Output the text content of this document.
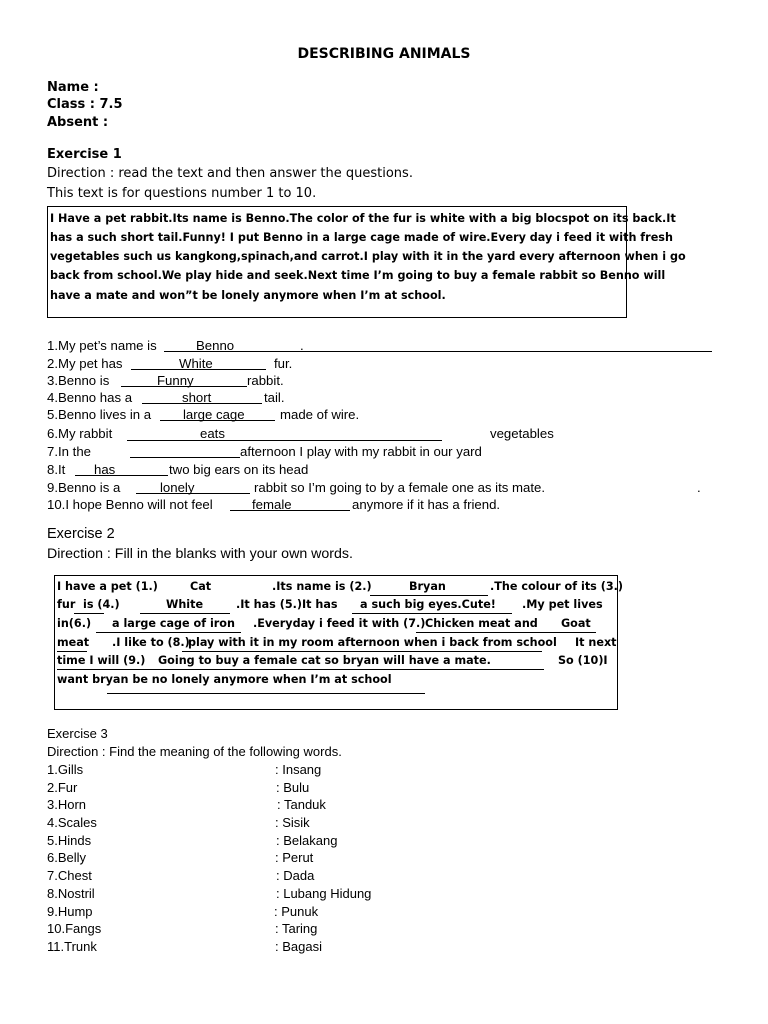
DESCRIBING ANIMALS
Name :
Class : 7.5
Absent :
Exercise 1
Direction : read the text and then answer the questions.
This text is for questions number 1 to 10.
I Have a pet rabbit.Its name is Benno.The color of the fur is white with a big blocspot on its back.It
has a such short tail.Funny! I put Benno in a large cage made of wire.Every day i feed it with fresh
vegetables such us kangkong,spinach,and carrot.I play with it in the yard every afternoon when i go
back from school.We play hide and seek.Next time I’m going to buy a female rabbit so Benno will
have a mate and won”t be lonely anymore when I’m at school.
1.My pet’s name is	Benno	.
2.My pet has	White	fur.
3.Benno is	Funny	rabbit.
4.Benno has a	short	tail.
5.Benno lives in a large cage	made of wire.
6.My rabbit	eats	vegetables
7.In the	afternoon I play with my rabbit in our yard
8.It has	two big ears on its head
9.Benno is a	lonely	rabbit so I’m going to by a female one as its mate.	.
10.I hope Benno will not feel	female	anymore if it has a friend.
Exercise 2
Direction : Fill in the blanks with your own words.
I have a pet (1.)	Cat	.Its name is (2.)	Bryan	.The colour of its (3.)
fur is (4.)	White	.It has (5.)It has a such big eyes.Cute! .My pet lives
in(6.) a large cage of iron .Everyday i feed it with (7.) Chicken meat and Goat
meat .I like to (8.)
play with it in my room afternoon when i back from school It next
time I will (9.) Going to buy a female cat so bryan will have a mate.	So (10)I
want bryan be no lonely anymore when I’m at school
Exercise 3
Direction : Find the meaning of the following words.
1.Gills	: Insang
2.Fur	: Bulu
3.Horn	: Tanduk
4.Scales	: Sisik
5.Hinds	: Belakang
6.Belly	: Perut
7.Chest	: Dada
8.Nostril	: Lubang Hidung
9.Hump	: Punuk
10.Fangs	: Taring
11.Trunk	: Bagasi
